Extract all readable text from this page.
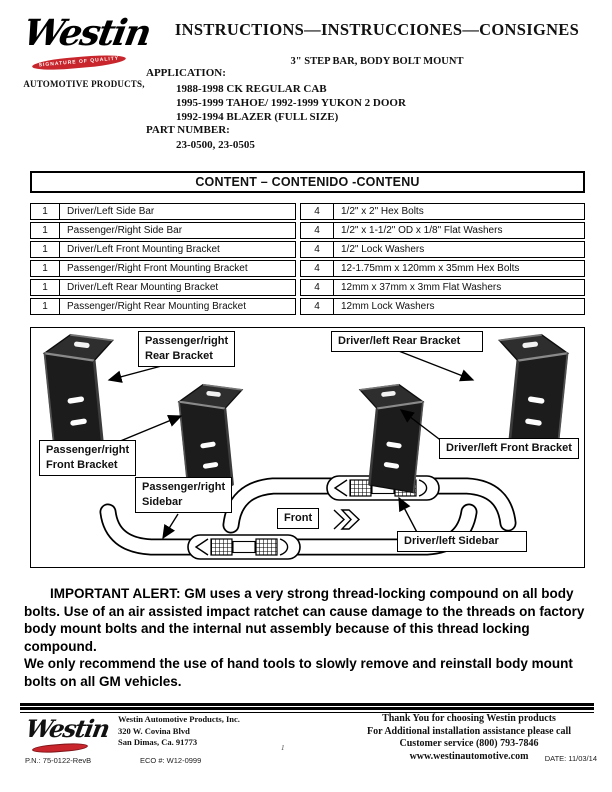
Westin
SIGNATURE OF QUALITY
AUTOMOTIVE PRODUCTS,
INSTRUCTIONS—INSTRUCCIONES—CONSIGNES
3" STEP BAR, BODY BOLT MOUNT
APPLICATION:
1988-1998 CK REGULAR CAB
1995-1999 TAHOE/ 1992-1999 YUKON 2 DOOR
1992-1994 BLAZER (FULL SIZE)
PART NUMBER:
23-0500, 23-0505
CONTENT – CONTENIDO -CONTENU
1	Driver/Left Side Bar	4	1/2" x 2" Hex Bolts
1	Passenger/Right Side Bar	4	1/2" x 1-1/2" OD x 1/8" Flat Washers
1	Driver/Left Front Mounting Bracket	4	1/2" Lock Washers
1	Passenger/Right Front Mounting Bracket	4	12-1.75mm x 120mm x 35mm Hex Bolts
1	Driver/Left Rear Mounting Bracket	4	12mm x 37mm x 3mm Flat Washers
1	Passenger/Right Rear Mounting Bracket	4	12mm Lock Washers
Passenger/right
Rear Bracket
Driver/left Rear Bracket
Passenger/right
Front Bracket
Driver/left Front Bracket
Passenger/right
Sidebar
Front
Driver/left Sidebar

IMPORTANT ALERT: GM uses a very strong thread-locking compound on all body bolts. Use of an air assisted impact ratchet can cause damage to the threads on factory body mount bolts and the internal nut assembly because of this thread locking compound.

We only recommend the use of hand tools to slowly remove and reinstall body mount bolts on all GM vehicles.

Westin Westin Automotive Products, Inc.
320 W. Covina Blvd
San Dimas, Ca. 91773
Thank You for choosing Westin products
For Additional installation assistance please call
Customer service (800) 793-7846
www.westinautomotive.com
P.N.: 75-0122-RevB	ECO #: W12-0999
1
DATE: 11/03/14
